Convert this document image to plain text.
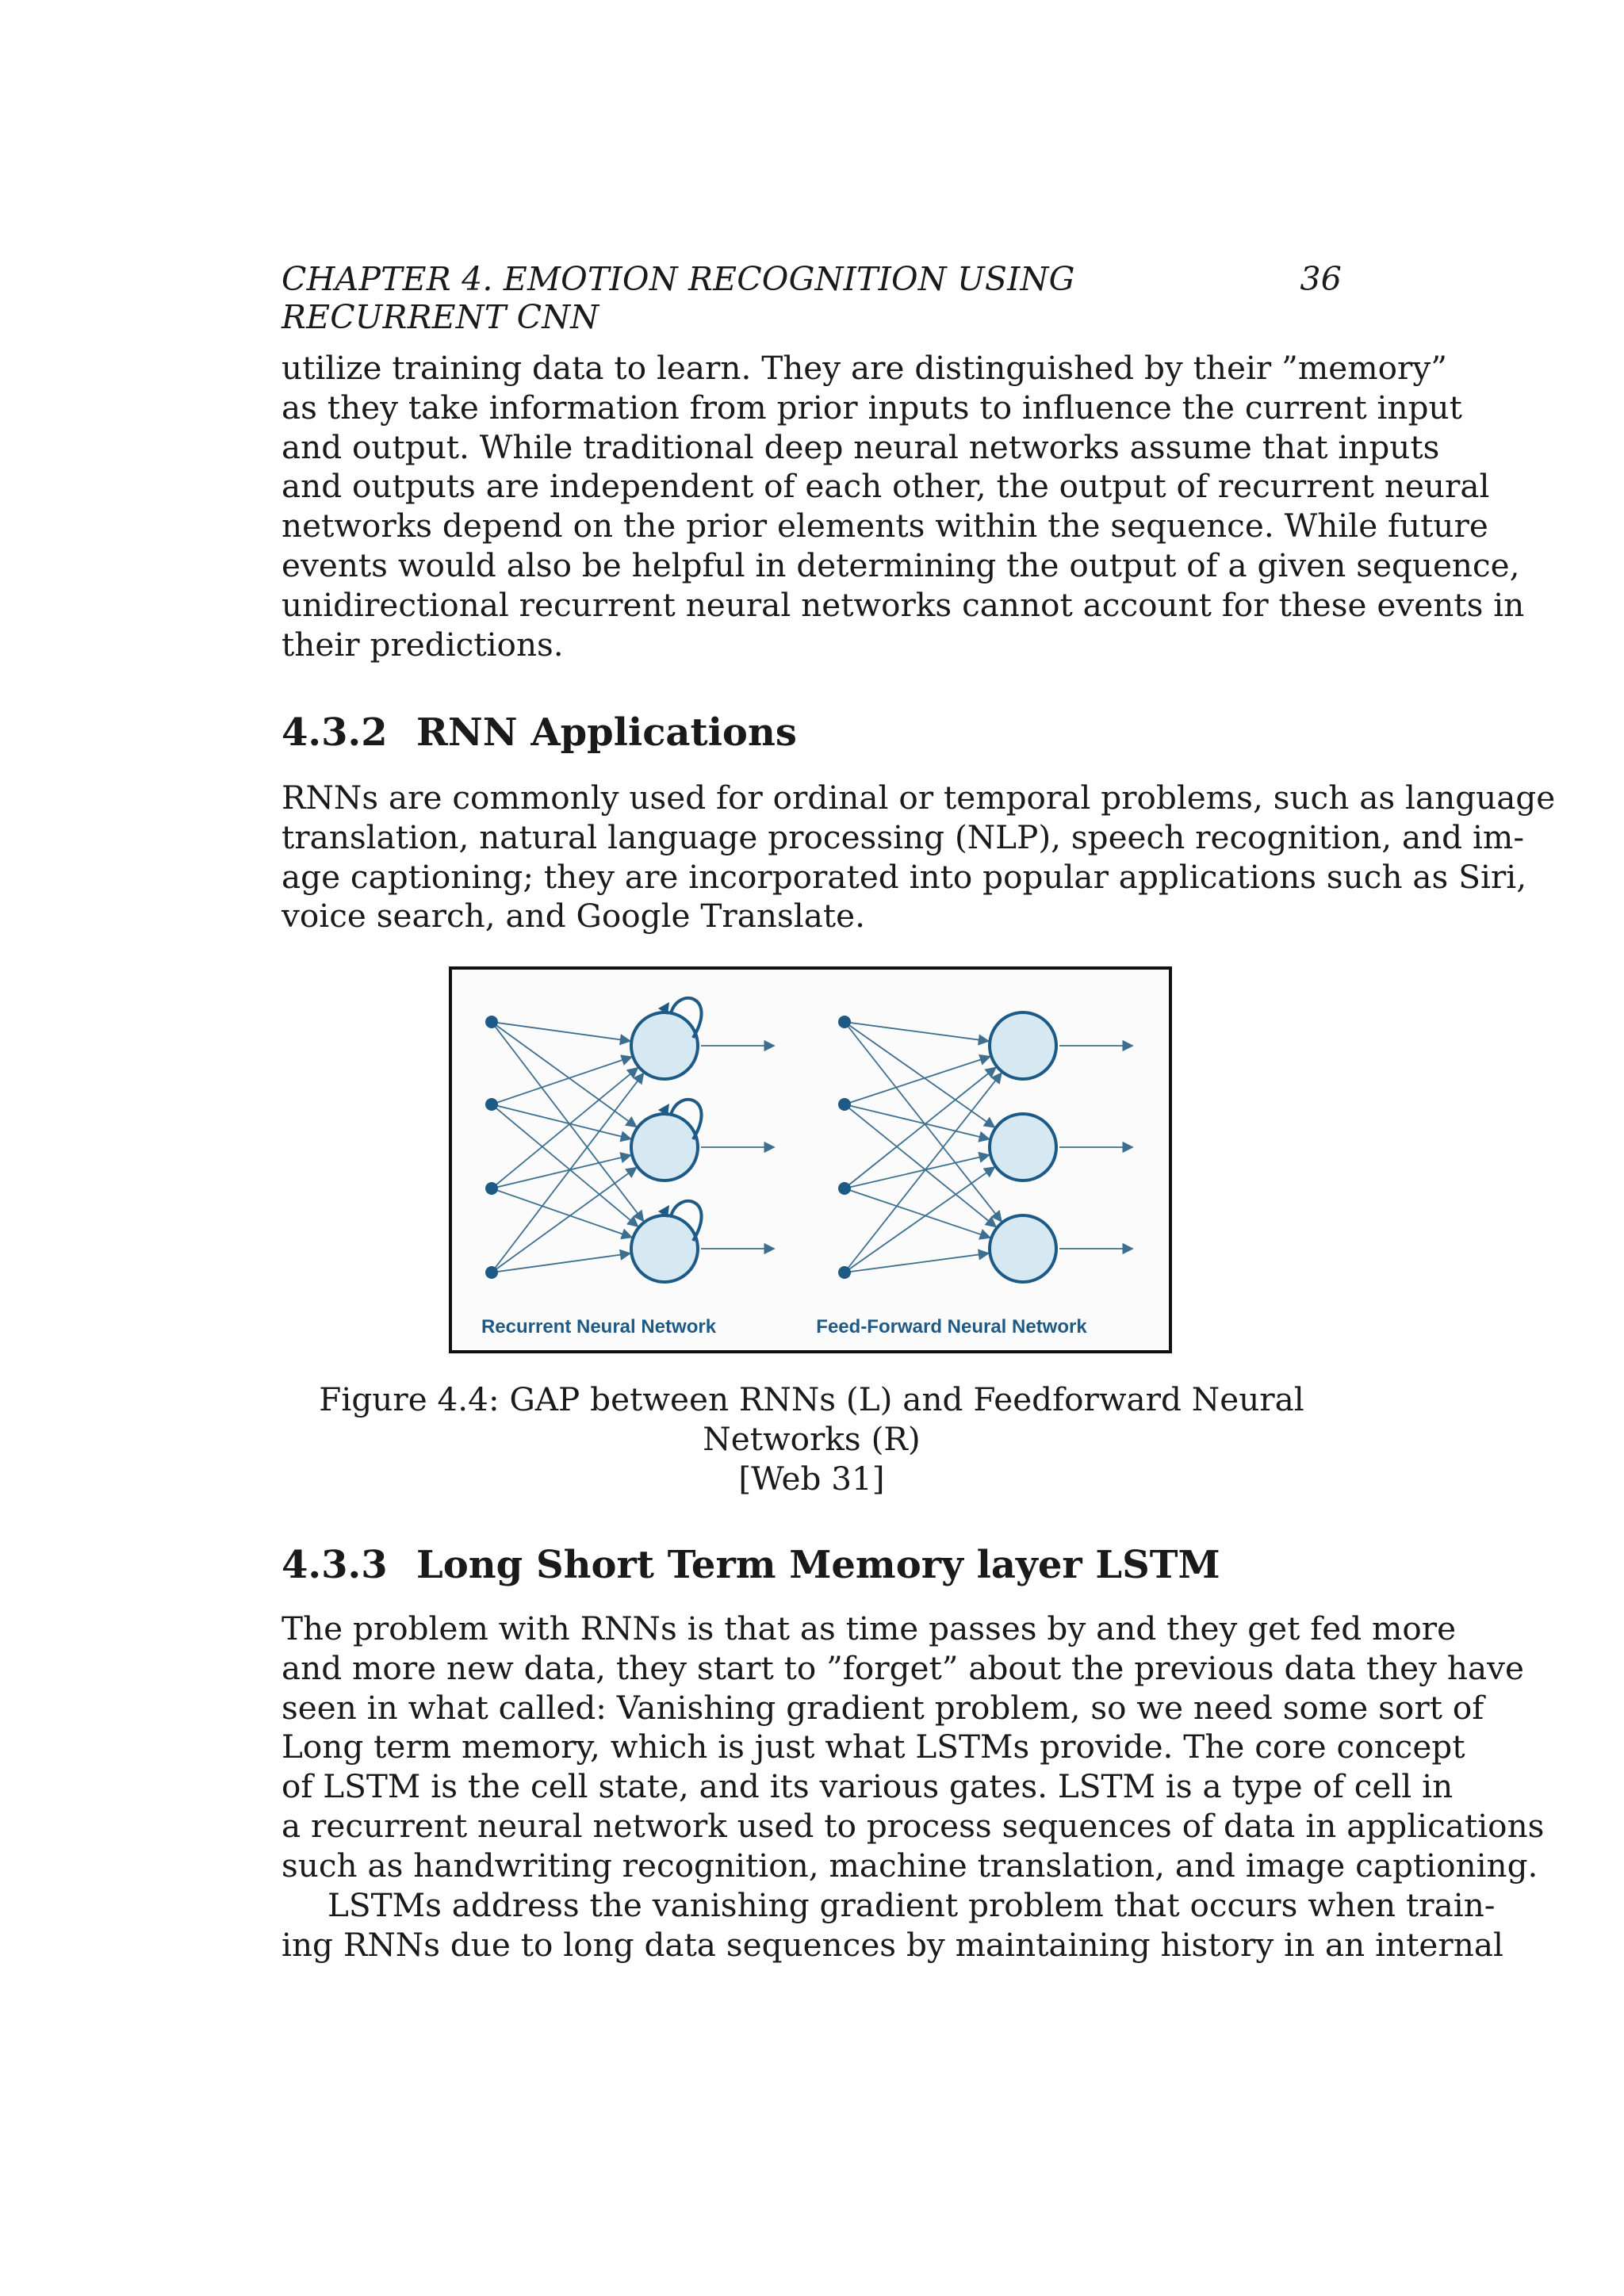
CHAPTER 4. EMOTION RECOGNITION USING RECURRENT CNN
36
utilize training data to learn. They are distinguished by their ”memory”
as they take information from prior inputs to influence the current input
and output. While traditional deep neural networks assume that inputs
and outputs are independent of each other, the output of recurrent neural
networks depend on the prior elements within the sequence. While future
events would also be helpful in determining the output of a given sequence,
unidirectional recurrent neural networks cannot account for these events in
their predictions.
4.3.2 RNN Applications
RNNs are commonly used for ordinal or temporal problems, such as language
translation, natural language processing (NLP), speech recognition, and im-
age captioning; they are incorporated into popular applications such as Siri,
voice search, and Google Translate.
Recurrent Neural Network	Feed-Forward Neural Network
Figure 4.4: GAP between RNNs (L) and Feedforward Neural Networks (R)
[Web 31]
4.3.3 Long Short Term Memory layer LSTM
The problem with RNNs is that as time passes by and they get fed more
and more new data, they start to ”forget” about the previous data they have
seen in what called: Vanishing gradient problem, so we need some sort of
Long term memory, which is just what LSTMs provide. The core concept
of LSTM is the cell state, and its various gates. LSTM is a type of cell in
a recurrent neural network used to process sequences of data in applications
such as handwriting recognition, machine translation, and image captioning.
LSTMs address the vanishing gradient problem that occurs when train-
ing RNNs due to long data sequences by maintaining history in an internal
